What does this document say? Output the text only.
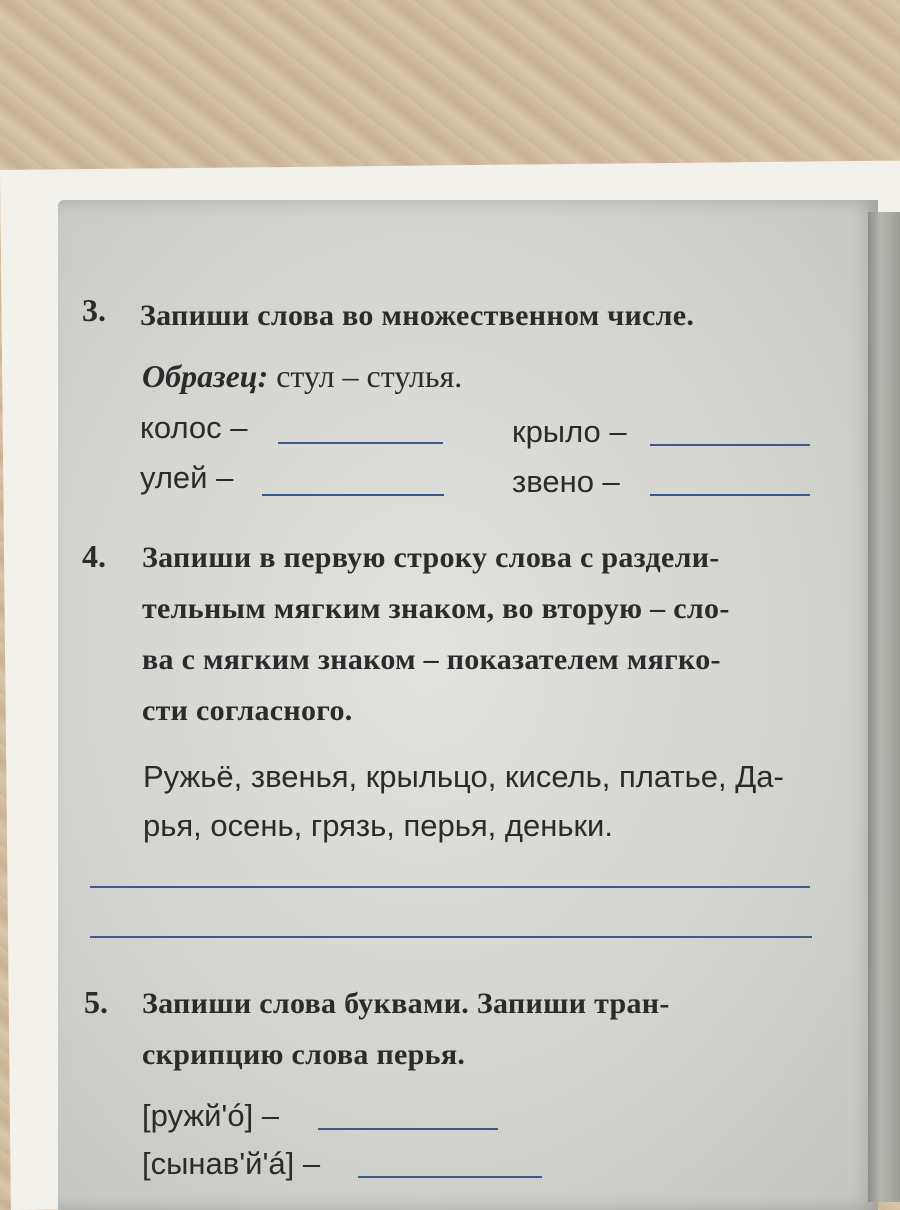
3. Запиши слова во множественном числе.
Образец: стул – стулья.
колос –	крыло –
улей –	звено –
4. Запиши в первую строку слова с раздели-
тельным мягким знаком, во вторую – сло-
ва с мягким знаком – показателем мягко-
сти согласного.
Ружьё, звенья, крыльцо, кисель, платье, Да-
рья, осень, грязь, перья, деньки.
5. Запиши слова буквами. Запиши тран-
скрипцию слова перья.
[ружй'ó] –
[сынав'й'á] –
